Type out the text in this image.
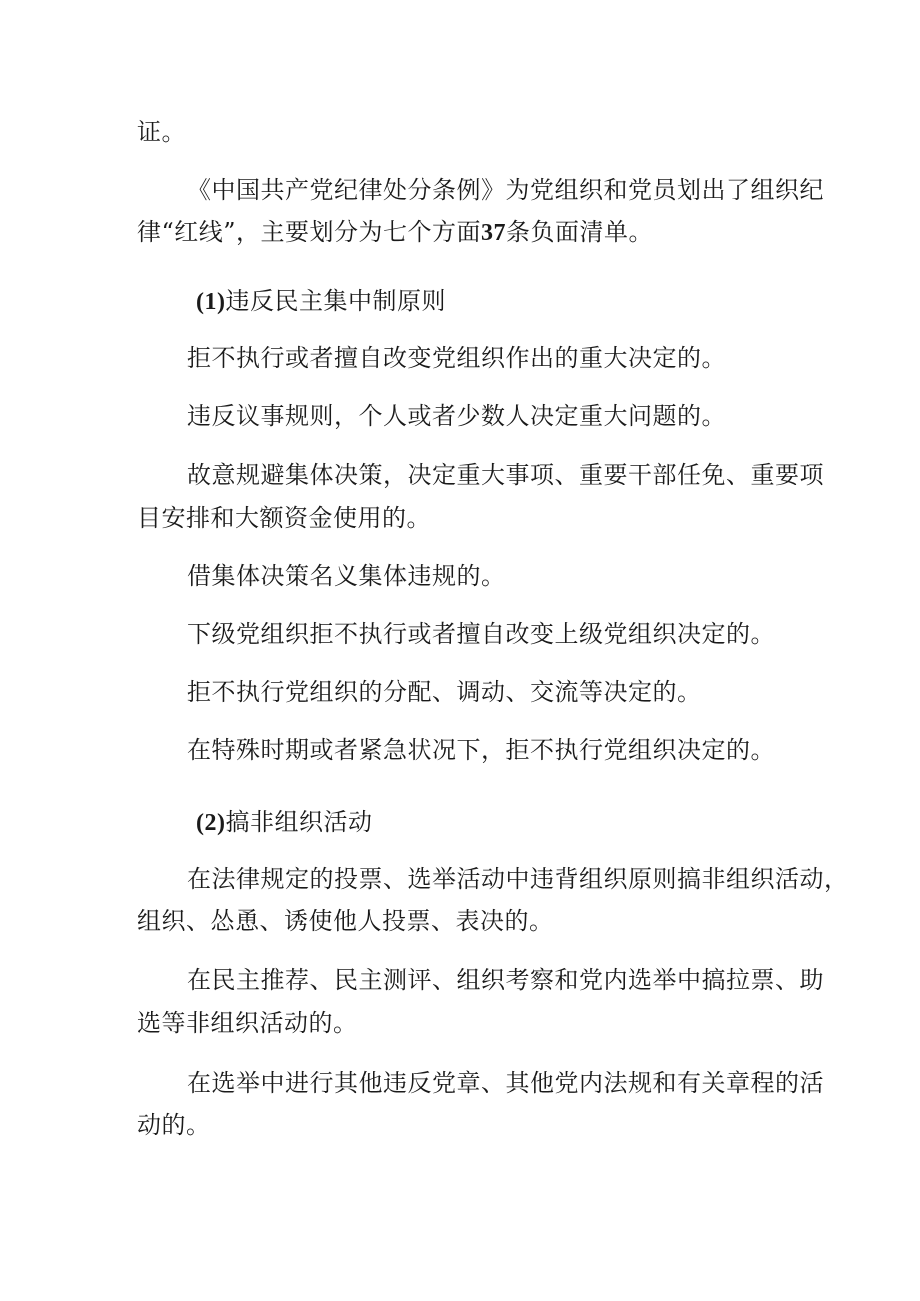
证。
《中国共产党纪律处分条例》为党组织和党员划出了组织纪
律“红线”，主要划分为七个方面37条负面清单。
(1)违反民主集中制原则
拒不执行或者擅自改变党组织作出的重大决定的。
违反议事规则，个人或者少数人决定重大问题的。
故意规避集体决策，决定重大事项、重要干部任免、重要项
目安排和大额资金使用的。
借集体决策名义集体违规的。
下级党组织拒不执行或者擅自改变上级党组织决定的。
拒不执行党组织的分配、调动、交流等决定的。
在特殊时期或者紧急状况下，拒不执行党组织决定的。
(2)搞非组织活动
在法律规定的投票、选举活动中违背组织原则搞非组织活动，
组织、怂恿、诱使他人投票、表决的。
在民主推荐、民主测评、组织考察和党内选举中搞拉票、助
选等非组织活动的。
在选举中进行其他违反党章、其他党内法规和有关章程的活
动的。
